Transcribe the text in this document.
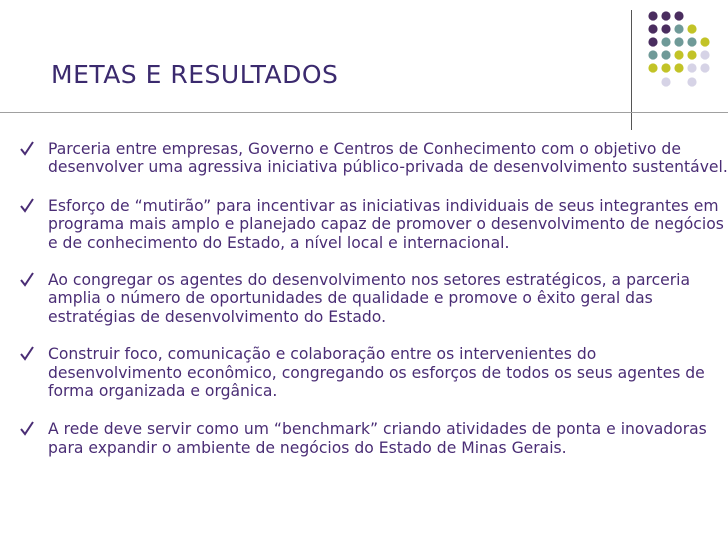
METAS E RESULTADOS
Parceria entre empresas, Governo e Centros de Conhecimento com o objetivo de desenvolver uma agressiva iniciativa público-privada de desenvolvimento sustentável.
Esforço de “mutirão” para incentivar as iniciativas individuais de seus integrantes em programa mais amplo e planejado capaz de promover o desenvolvimento de negócios e de conhecimento do Estado, a nível local e internacional.
Ao congregar os agentes do desenvolvimento nos setores estratégicos, a parceria amplia o número de oportunidades de qualidade e promove o êxito geral das estratégias de desenvolvimento do Estado.
Construir foco, comunicação e colaboração entre os intervenientes do desenvolvimento econômico, congregando os esforços de todos os seus agentes de forma organizada e orgânica.
A rede deve servir como um “benchmark” criando atividades de ponta e inovadoras para expandir o ambiente de negócios do Estado de Minas Gerais.
